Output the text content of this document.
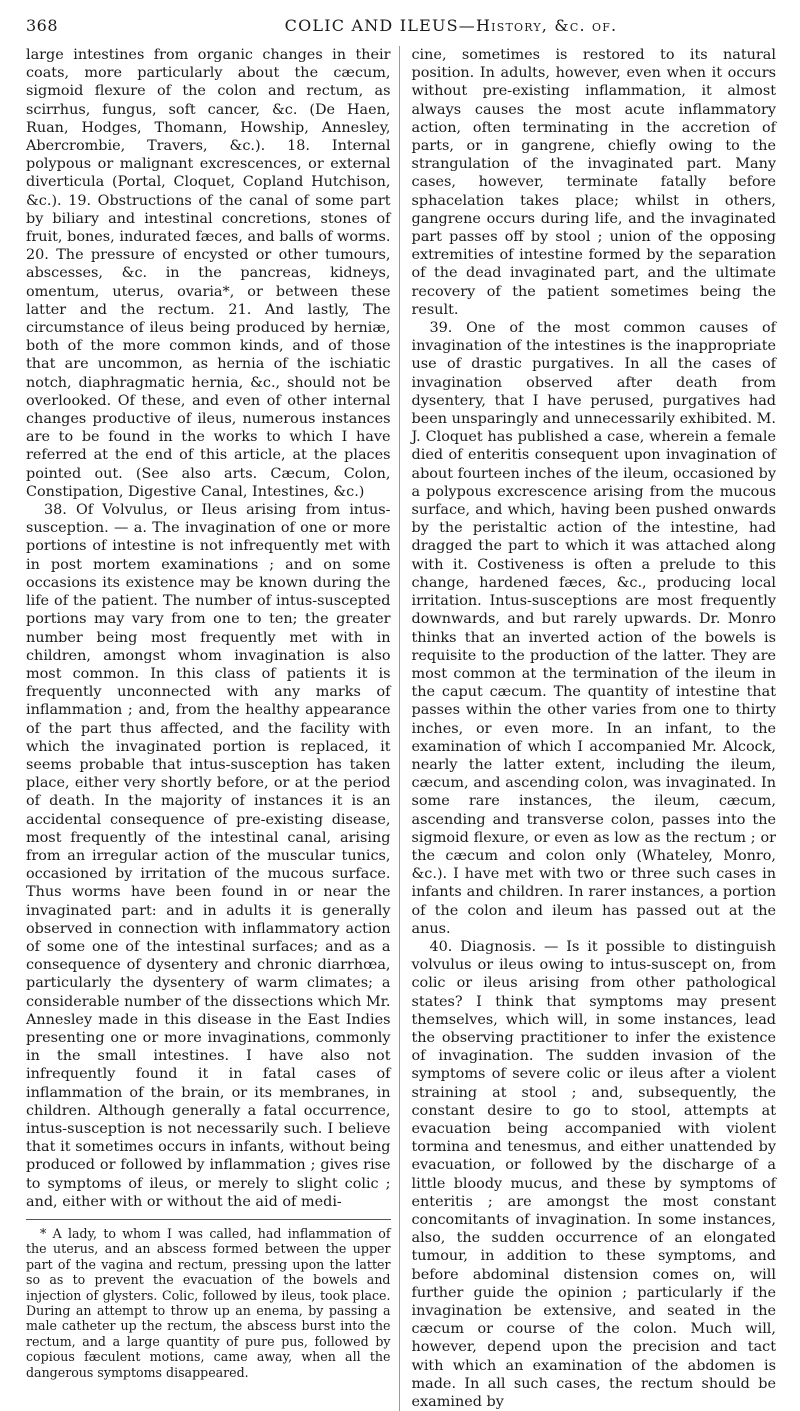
368	COLIC AND ILEUS—History, &c. of.

large intestines from organic changes in their coats, more particularly about the cæcum, sigmoid flexure of the colon and rectum, as scirrhus, fungus, soft cancer, &c. (De Haen, Ruan, Hodges, Thomann, Howship, Annesley, Abercrombie, Travers, &c.). 18. Internal polypous or malignant excrescences, or external diverticula (Portal, Cloquet, Copland Hutchison, &c.). 19. Obstructions of the canal of some part by biliary and intestinal concretions, stones of fruit, bones, indurated fæces, and balls of worms. 20. The pressure of encysted or other tumours, abscesses, &c. in the pancreas, kidneys, omentum, uterus, ovaria*, or between these latter and the rectum. 21. And lastly, The circumstance of ileus being produced by herniæ, both of the more common kinds, and of those that are uncommon, as hernia of the ischiatic notch, diaphragmatic hernia, &c., should not be overlooked. Of these, and even of other internal changes productive of ileus, numerous instances are to be found in the works to which I have referred at the end of this article, at the places pointed out. (See also arts. Cæcum, Colon, Constipation, Digestive Canal, Intestines, &c.)

38. Of Volvulus, or Ileus arising from intus-susception. — a. The invagination of one or more portions of intestine is not infrequently met with in post mortem examinations ; and on some occasions its existence may be known during the life of the patient. The number of intus-suscepted portions may vary from one to ten; the greater number being most frequently met with in children, amongst whom invagination is also most common. In this class of patients it is frequently unconnected with any marks of inflammation ; and, from the healthy appearance of the part thus affected, and the facility with which the invaginated portion is replaced, it seems probable that intus-susception has taken place, either very shortly before, or at the period of death. In the majority of instances it is an accidental consequence of pre-existing disease, most frequently of the intestinal canal, arising from an irregular action of the muscular tunics, occasioned by irritation of the mucous surface. Thus worms have been found in or near the invaginated part: and in adults it is generally observed in connection with inflammatory action of some one of the intestinal surfaces; and as a consequence of dysentery and chronic diarrhœa, particularly the dysentery of warm climates; a considerable number of the dissections which Mr. Annesley made in this disease in the East Indies presenting one or more invaginations, commonly in the small intestines. I have also not infrequently found it in fatal cases of inflammation of the brain, or its membranes, in children. Although generally a fatal occurrence, intus-susception is not necessarily such. I believe that it sometimes occurs in infants, without being produced or followed by inflammation ; gives rise to symptoms of ileus, or merely to slight colic ; and, either with or without the aid of medi-

* A lady, to whom I was called, had inflammation of the uterus, and an abscess formed between the upper part of the vagina and rectum, pressing upon the latter so as to prevent the evacuation of the bowels and injection of glysters. Colic, followed by ileus, took place. During an attempt to throw up an enema, by passing a male catheter up the rectum, the abscess burst into the rectum, and a large quantity of pure pus, followed by copious fæculent motions, came away, when all the dangerous symptoms disappeared.

cine, sometimes is restored to its natural position. In adults, however, even when it occurs without pre-existing inflammation, it almost always causes the most acute inflammatory action, often terminating in the accretion of parts, or in gangrene, chiefly owing to the strangulation of the invaginated part. Many cases, however, terminate fatally before sphacelation takes place; whilst in others, gangrene occurs during life, and the invaginated part passes off by stool ; union of the opposing extremities of intestine formed by the separation of the dead invaginated part, and the ultimate recovery of the patient sometimes being the result.

39. One of the most common causes of invagination of the intestines is the inappropriate use of drastic purgatives. In all the cases of invagination observed after death from dysentery, that I have perused, purgatives had been unsparingly and unnecessarily exhibited. M. J. Cloquet has published a case, wherein a female died of enteritis consequent upon invagination of about fourteen inches of the ileum, occasioned by a polypous excrescence arising from the mucous surface, and which, having been pushed onwards by the peristaltic action of the intestine, had dragged the part to which it was attached along with it. Costiveness is often a prelude to this change, hardened fæces, &c., producing local irritation. Intus-susceptions are most frequently downwards, and but rarely upwards. Dr. Monro thinks that an inverted action of the bowels is requisite to the production of the latter. They are most common at the termination of the ileum in the caput cæcum. The quantity of intestine that passes within the other varies from one to thirty inches, or even more. In an infant, to the examination of which I accompanied Mr. Alcock, nearly the latter extent, including the ileum, cæcum, and ascending colon, was invaginated. In some rare instances, the ileum, cæcum, ascending and transverse colon, passes into the sigmoid flexure, or even as low as the rectum ; or the cæcum and colon only (Whateley, Monro, &c.). I have met with two or three such cases in infants and children. In rarer instances, a portion of the colon and ileum has passed out at the anus.

40. Diagnosis. — Is it possible to distinguish volvulus or ileus owing to intus-suscept on, from colic or ileus arising from other pathological states? I think that symptoms may present themselves, which will, in some instances, lead the observing practitioner to infer the existence of invagination. The sudden invasion of the symptoms of severe colic or ileus after a violent straining at stool ; and, subsequently, the constant desire to go to stool, attempts at evacuation being accompanied with violent tormina and tenesmus, and either unattended by evacuation, or followed by the discharge of a little bloody mucus, and these by symptoms of enteritis ; are amongst the most constant concomitants of invagination. In some instances, also, the sudden occurrence of an elongated tumour, in addition to these symptoms, and before abdominal distension comes on, will further guide the opinion ; particularly if the invagination be extensive, and seated in the cæcum or course of the colon. Much will, however, depend upon the precision and tact with which an examination of the abdomen is made. In all such cases, the rectum should be examined by
